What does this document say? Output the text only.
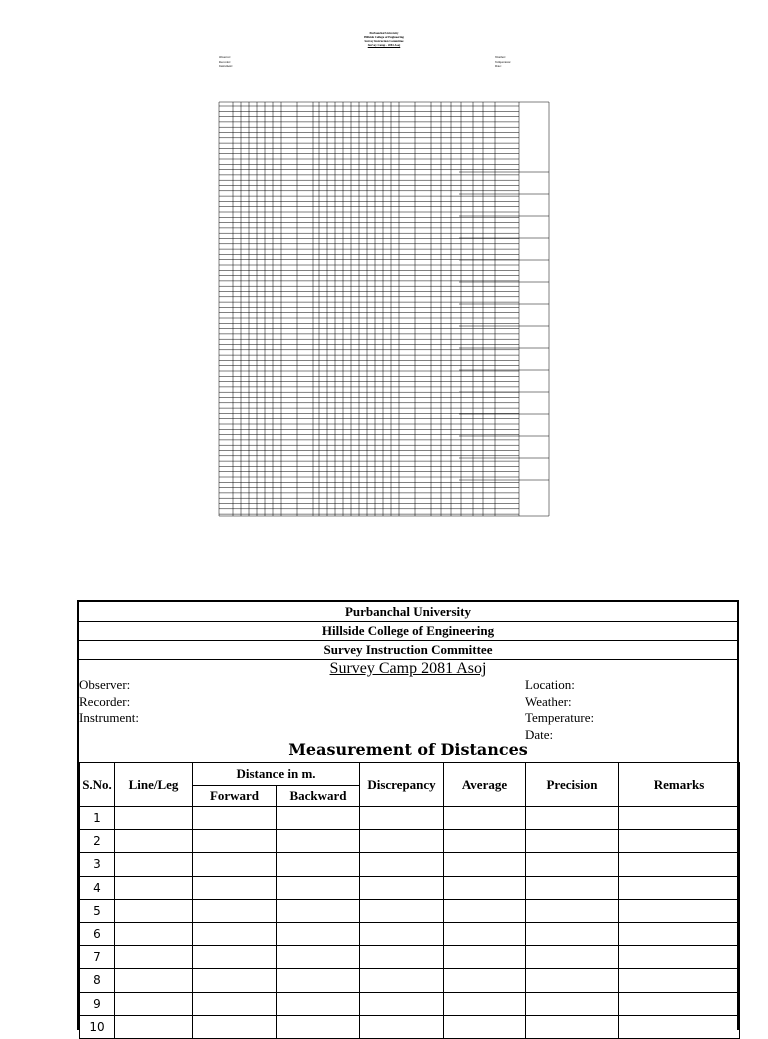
Purbanchal University
Hillside College of Engineering
Survey Instruction Committee
Survey Camp - 2081 Asoj
Observer:
Recorder:
Instrument:
Weather:
Temperature:
Date:
Purbanchal University
Hillside College of Engineering
Survey Instruction Committee
Survey Camp 2081 Asoj
Observer:
Recorder:
Instrument:
Location:
Weather:
Temperature:
Date:
Measurement of Distances
S.No.	Line/Leg	Distance in m.		Discrepancy	Average	Precision	Remarks
		Forward	Backward				
1							
2							
3							
4							
5							
6							
7							
8							
9							
10							
